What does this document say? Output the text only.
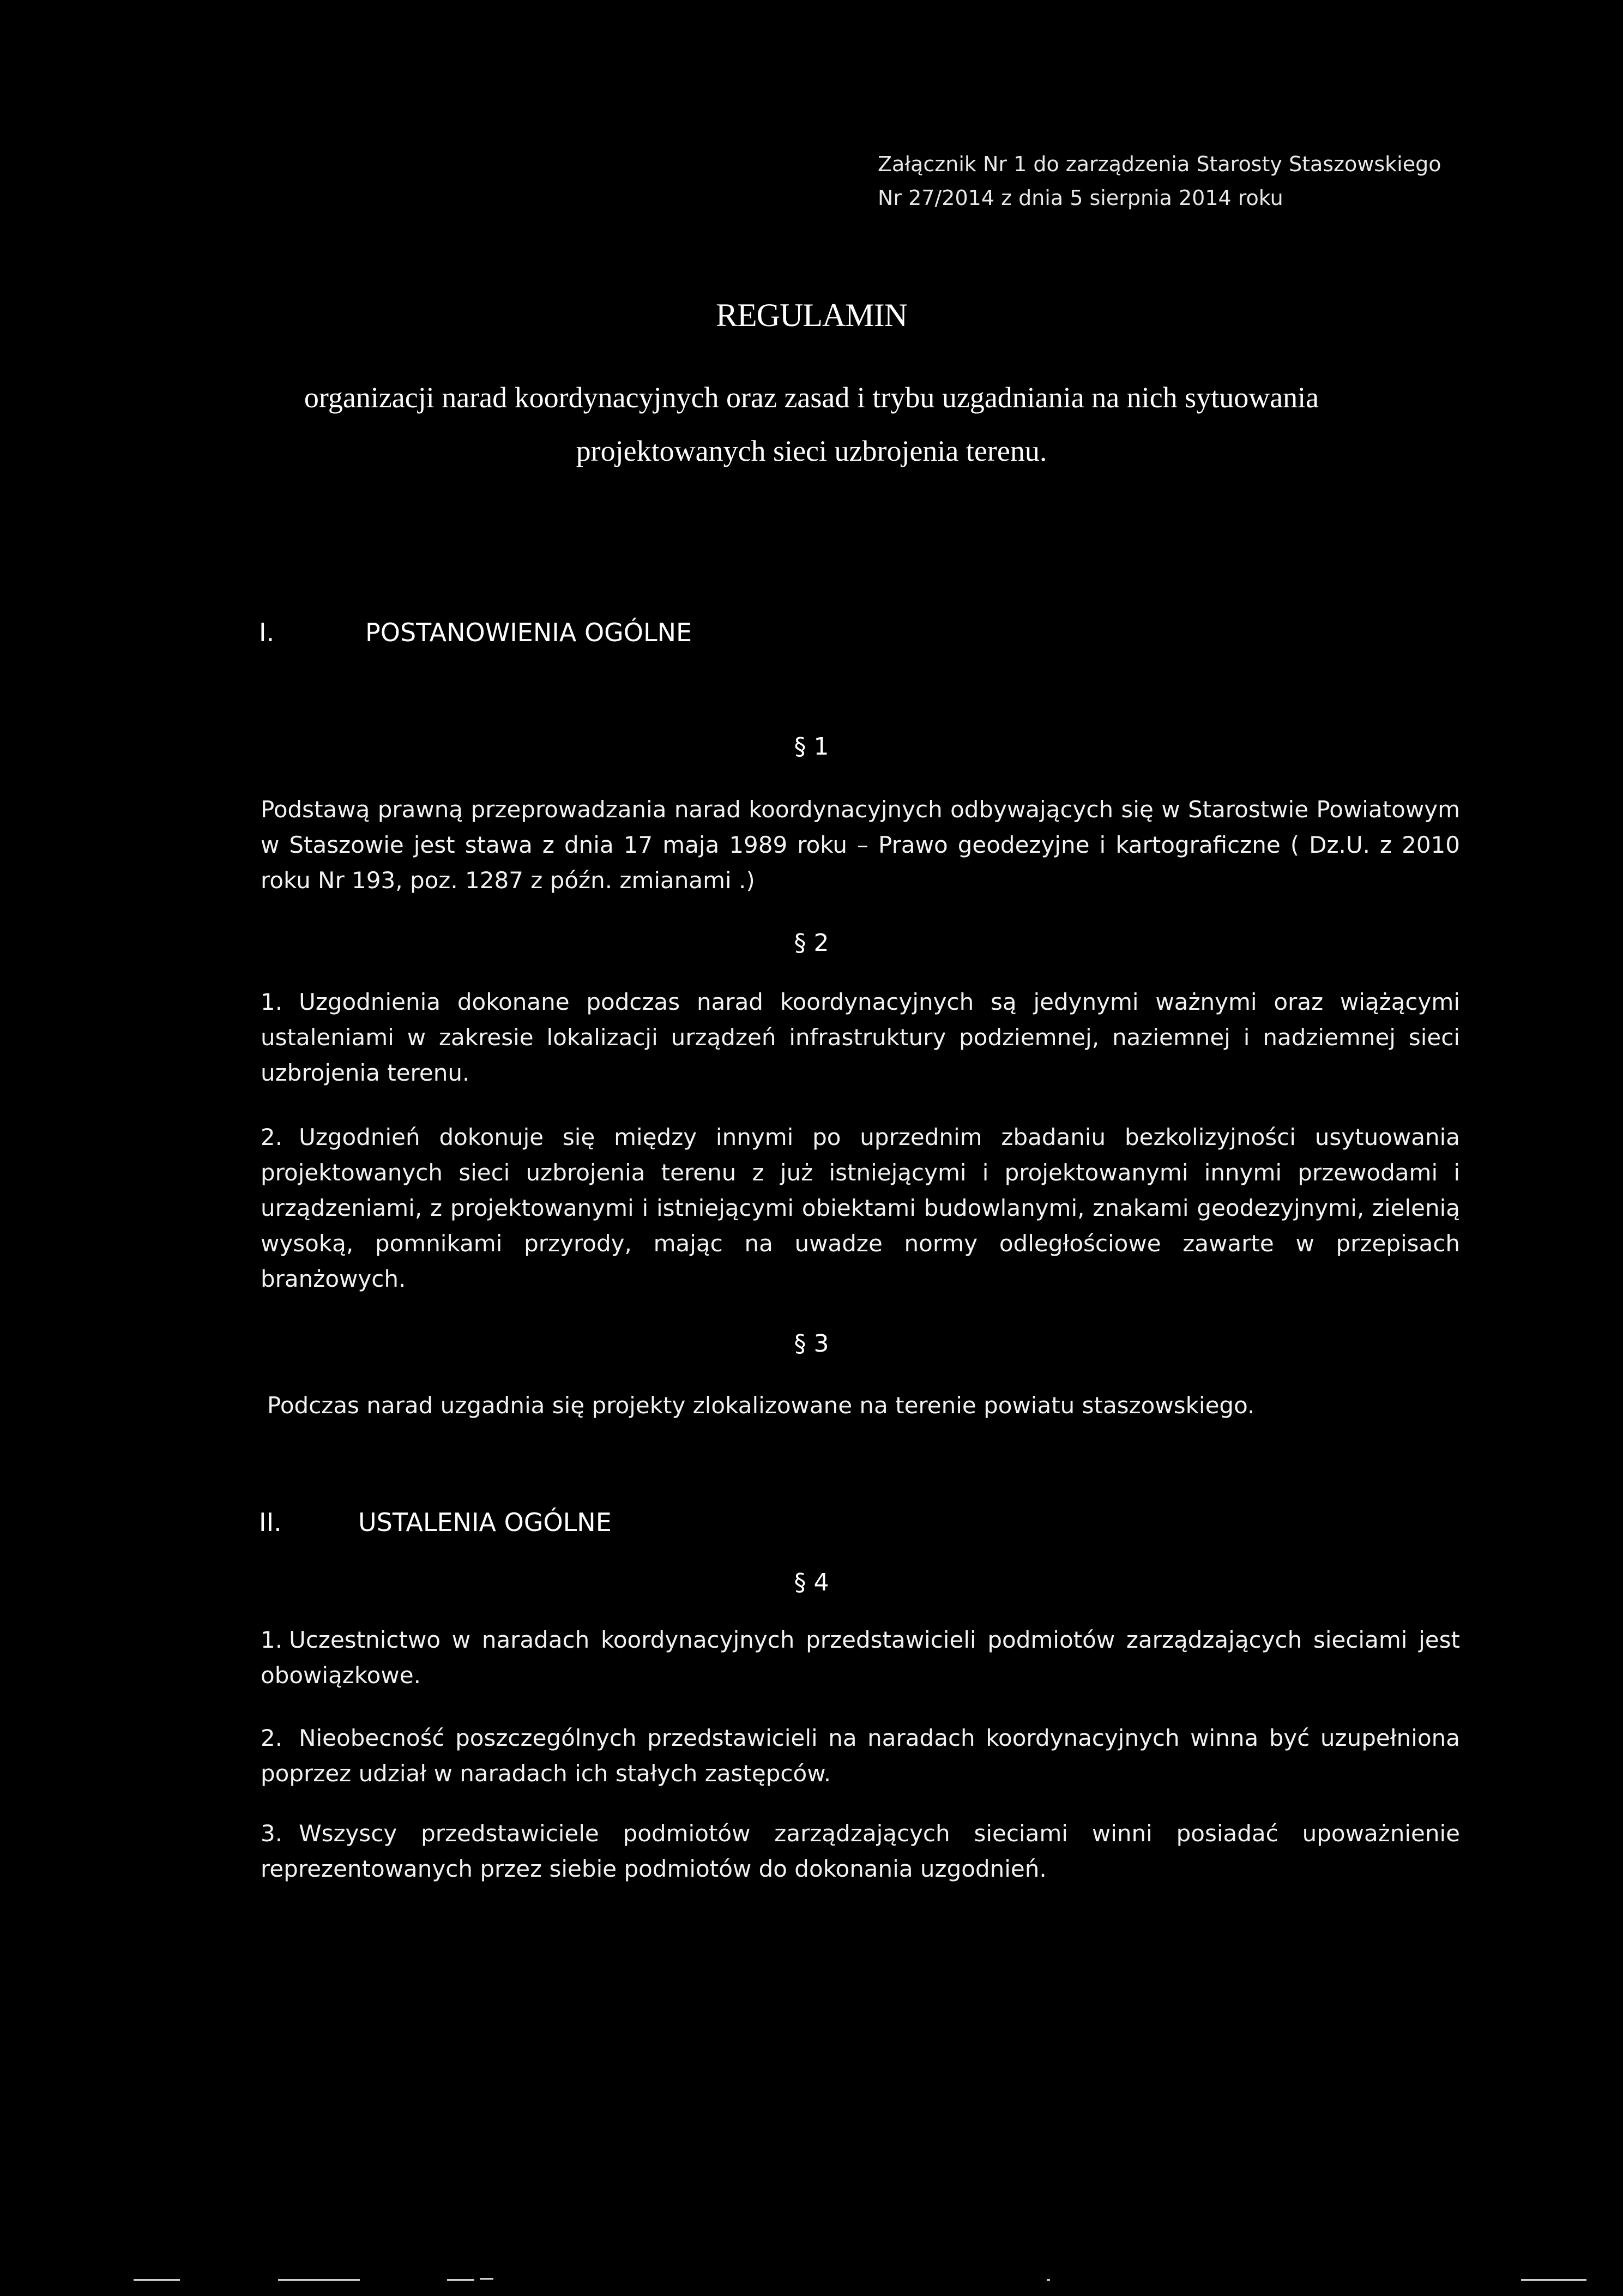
Załącznik Nr 1 do zarządzenia Starosty Staszowskiego
Nr 27/2014 z dnia 5 sierpnia 2014 roku
REGULAMIN
organizacji narad koordynacyjnych oraz zasad i trybu uzgadniania na nich sytuowania
projektowanych sieci uzbrojenia terenu.
I.	POSTANOWIENIA OGÓLNE
§ 1
Podstawą prawną przeprowadzania narad koordynacyjnych odbywających się w Starostwie Powiatowym w Staszowie jest stawa z dnia 17 maja 1989 roku – Prawo geodezyjne i kartograficzne ( Dz.U. z 2010 roku Nr 193, poz. 1287 z późn. zmianami .)
§ 2
1. Uzgodnienia dokonane podczas narad koordynacyjnych są jedynymi ważnymi oraz wiążącymi ustaleniami w zakresie lokalizacji urządzeń infrastruktury podziemnej, naziemnej i nadziemnej sieci uzbrojenia terenu.
2. Uzgodnień dokonuje się między innymi po uprzednim zbadaniu bezkolizyjności usytuowania projektowanych sieci uzbrojenia terenu z już istniejącymi i projektowanymi innymi przewodami i urządzeniami, z projektowanymi i istniejącymi obiektami budowlanymi, znakami geodezyjnymi, zielenią wysoką, pomnikami przyrody, mając na uwadze normy odległościowe zawarte w przepisach branżowych.
§ 3
Podczas narad uzgadnia się projekty zlokalizowane na terenie powiatu staszowskiego.
II.	USTALENIA OGÓLNE
§ 4
1. Uczestnictwo w naradach koordynacyjnych przedstawicieli podmiotów zarządzających sieciami jest obowiązkowe.
2. Nieobecność poszczególnych przedstawicieli na naradach koordynacyjnych winna być uzupełniona poprzez udział w naradach ich stałych zastępców.
3. Wszyscy przedstawiciele podmiotów zarządzających sieciami winni posiadać upoważnienie reprezentowanych przez siebie podmiotów do dokonania uzgodnień.
